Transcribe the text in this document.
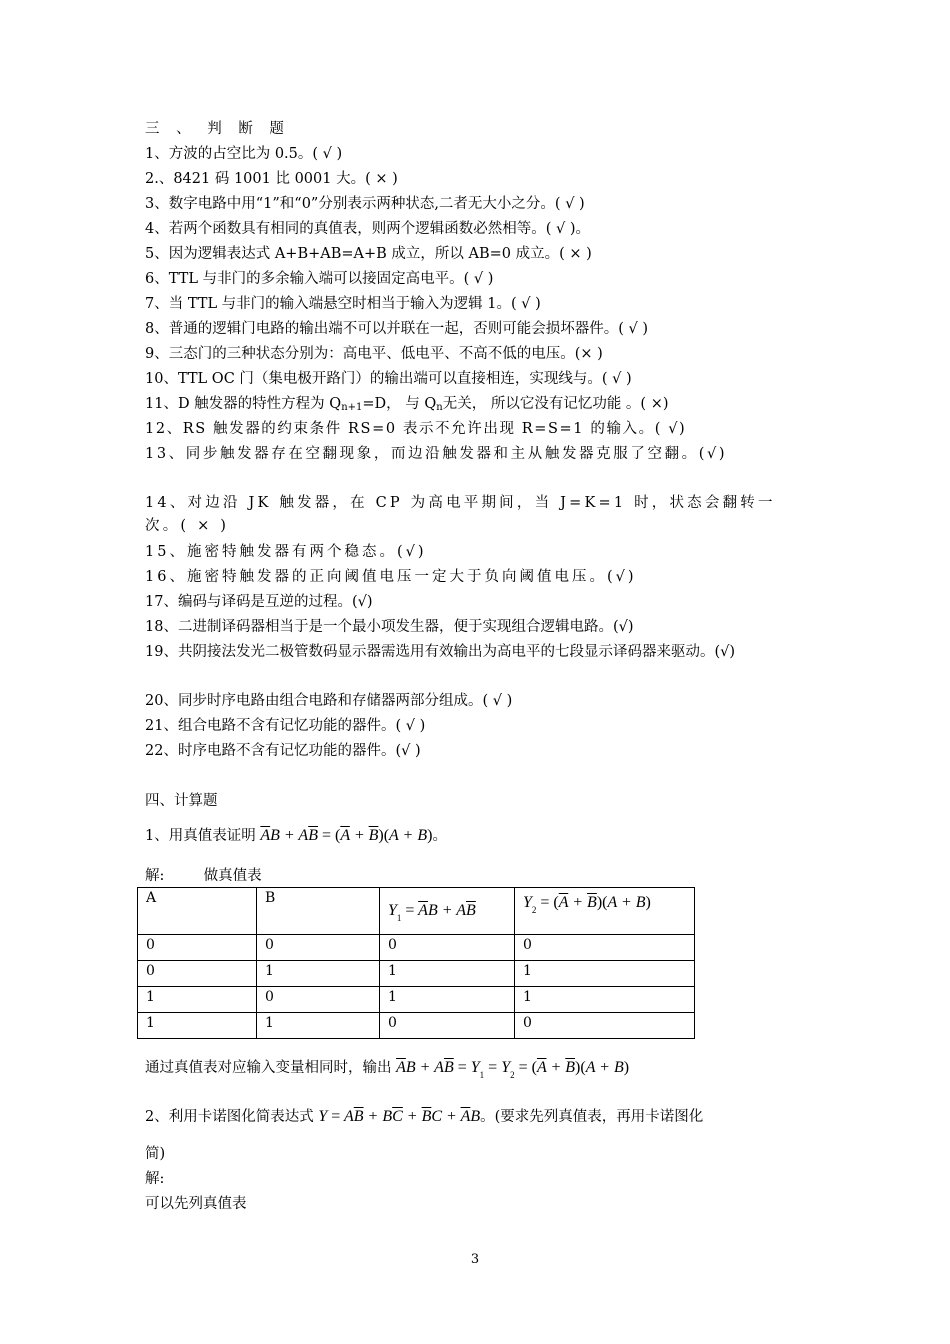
三 、 判 断 题
1、方波的占空比为 0.5。( √ )
2.、8421 码 1001 比 0001 大。( × )
3、数字电路中用“1”和“0”分别表示两种状态,二者无大小之分。( √ )
4、若两个函数具有相同的真值表，则两个逻辑函数必然相等。( √ )。
5、因为逻辑表达式 A+B+AB=A+B 成立，所以 AB=0 成立。( × )
6、TTL 与非门的多余输入端可以接固定高电平。( √ )
7、当 TTL 与非门的输入端悬空时相当于输入为逻辑 1。( √ )
8、普通的逻辑门电路的输出端不可以并联在一起，否则可能会损坏器件。( √ )
9、三态门的三种状态分别为：高电平、低电平、不高不低的电压。(× )
10、TTL OC 门（集电极开路门）的输出端可以直接相连，实现线与。( √ )
11、D 触发器的特性方程为 Qn+1=D， 与 Qn无关， 所以它没有记忆功能 。( ×)
12、RS 触发器的约束条件 RS=0 表示不允许出现 R=S=1 的输入。( √)
13、同步触发器存在空翻现象，而边沿触发器和主从触发器克服了空翻。(√)
14、对边沿 JK 触发器，在 CP 为高电平期间，当 J=K=1 时，状态会翻转一次。( × )
15、施密特触发器有两个稳态。(√)
16、施密特触发器的正向阈值电压一定大于负向阈值电压。(√)
17、编码与译码是互逆的过程。(√)
18、二进制译码器相当于是一个最小项发生器，便于实现组合逻辑电路。(√)
19、共阴接法发光二极管数码显示器需选用有效输出为高电平的七段显示译码器来驱动。(√)
20、同步时序电路由组合电路和存储器两部分组成。( √ )
21、组合电路不含有记忆功能的器件。( √ )
22、时序电路不含有记忆功能的器件。(√ )
四、计算题
1、用真值表证明 $\overline{A}B + A\overline{B} = (\overline{A} + \overline{B})(A + B)$。
解:	做真值表
A	B	$Y_1 = \overline{A}B + A\overline{B}$	$Y_2 = (\overline{A} + \overline{B})(A + B)$
0	0	0	0
0	1	1	1
1	0	1	1
1	1	0	0
通过真值表对应输入变量相同时，输出 $\overline{A}B + A\overline{B} = Y_1 = Y_2 = (\overline{A} + \overline{B})(A + B)$
2、利用卡诺图化简表达式 $Y = A\overline{B} + B\overline{C} + \overline{B}C + \overline{A}B$。(要求先列真值表，再用卡诺图化
简)
解:
可以先列真值表
3
